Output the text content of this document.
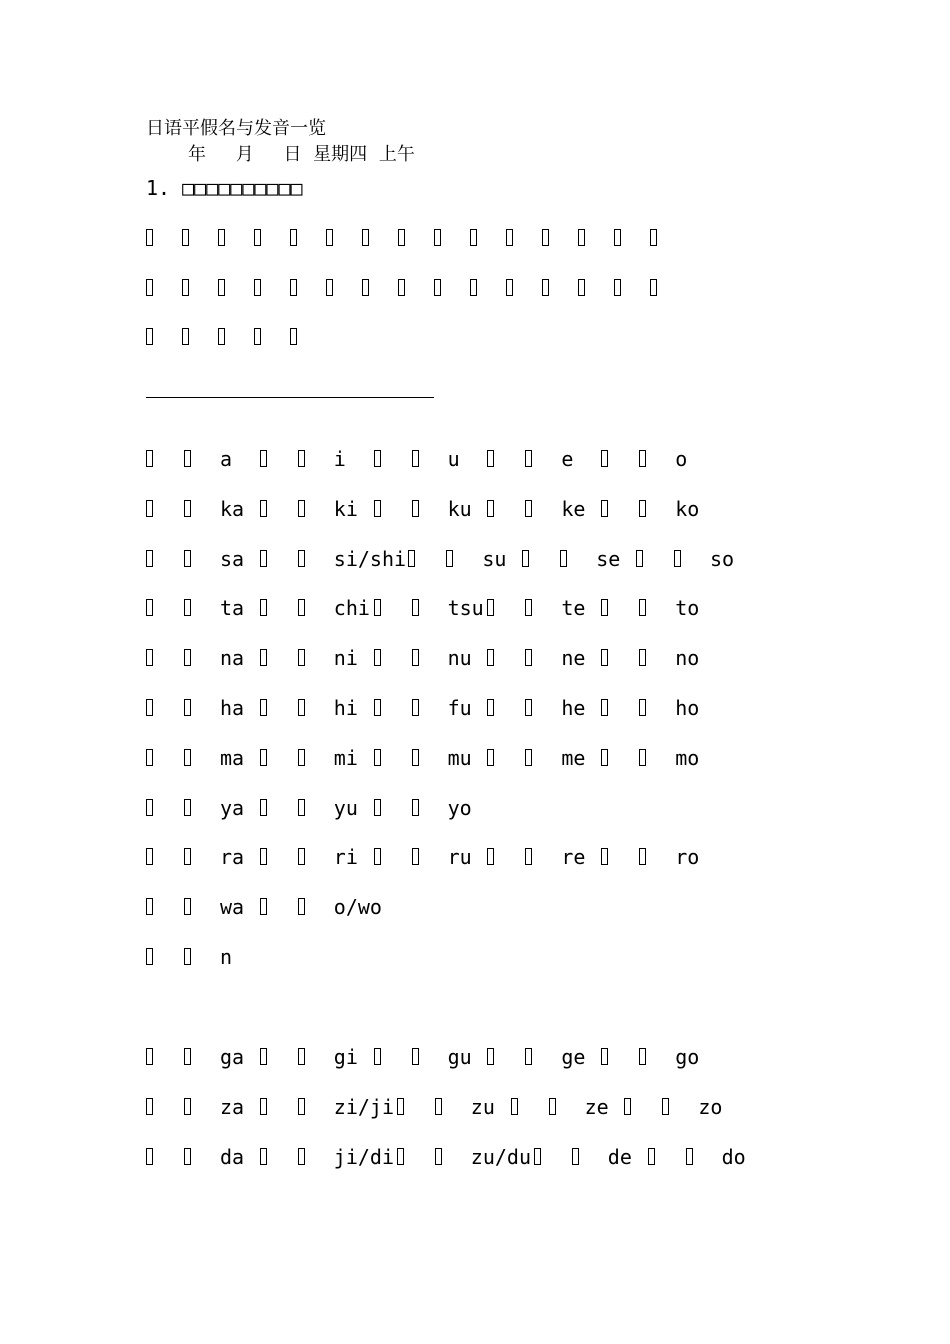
日语平假名与发音一览
年　 月　 日 星期四 上午
1. □□□□□□□□□□
a	i	u	e	o
ka	ki	ku	ke	ko
sa	si/shi	su	se	so
ta	chi	tsu	te	to
na	ni	nu	ne	no
ha	hi	fu	he	ho
ma	mi	mu	me	mo
ya	yu	yo
ra	ri	ru	re	ro
wa	o/wo
n
ga	gi	gu	ge	go
za	zi/ji	zu	ze	zo
da	ji/di	zu/du	de	do
